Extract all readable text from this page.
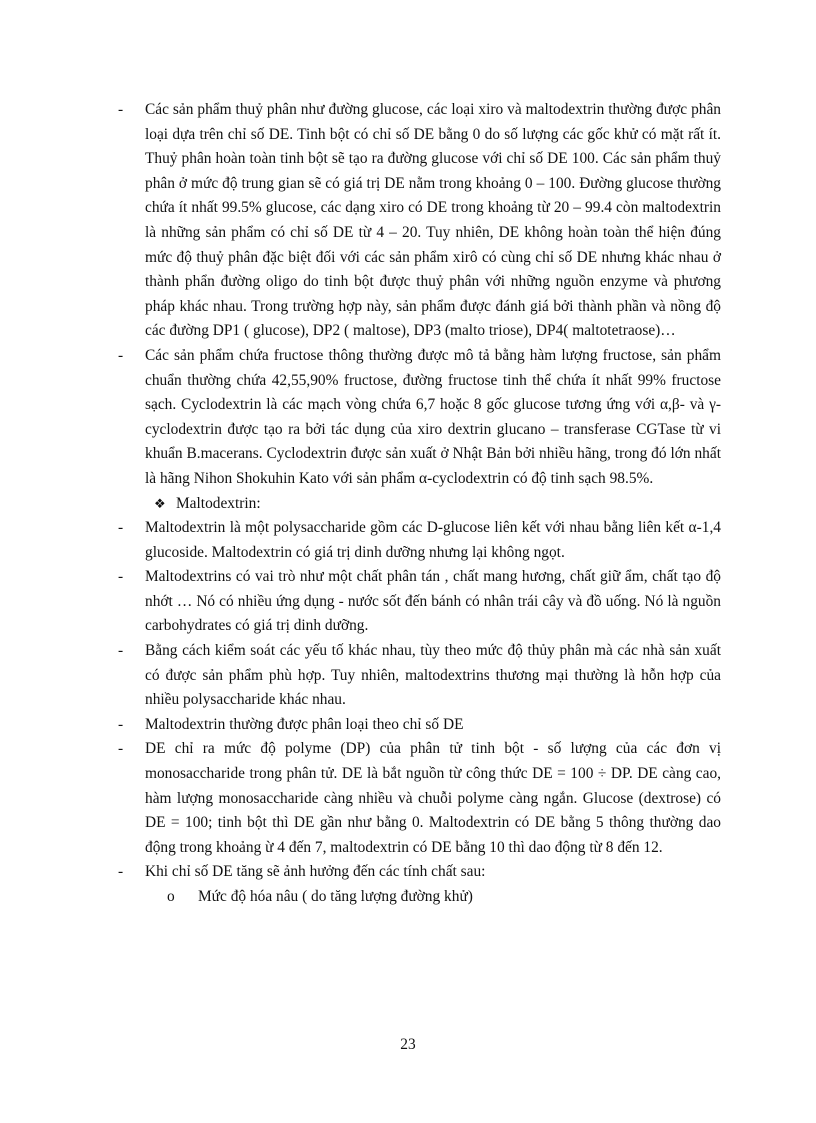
-	Các sản phẩm thuỷ phân như đường glucose, các loại xiro và maltodextrin thường được phân loại dựa trên chỉ số DE. Tinh bột có chỉ số DE bằng 0 do số lượng các gốc khử có mặt rất ít. Thuỷ phân hoàn toàn tinh bột sẽ tạo ra đường glucose với chỉ số DE 100. Các sản phẩm thuỷ phân ở mức độ trung gian sẽ có giá trị DE nằm trong khoảng 0 – 100. Đường glucose thường chứa ít nhất 99.5% glucose, các dạng xiro có DE trong khoảng từ 20 – 99.4 còn maltodextrin là những sản phẩm có chỉ số DE từ 4 – 20. Tuy nhiên, DE không hoàn toàn thể hiện đúng mức độ thuỷ phân đặc biệt đối với các sản phẩm xirô có cùng chỉ số DE nhưng khác nhau ở thành phẩn đường oligo do tinh bột được thuỷ phân với những nguồn enzyme và phương pháp khác nhau. Trong trường hợp này, sản phẩm được đánh giá bởi thành phần và nồng độ các đường DP1 ( glucose), DP2 ( maltose), DP3 (malto triose), DP4( maltotetraose)…

-	Các sản phẩm chứa fructose thông thường được mô tả bằng hàm lượng fructose, sản phẩm chuẩn thường chứa 42,55,90% fructose, đường fructose tinh thể chứa ít nhất 99% fructose sạch. Cyclodextrin là các mạch vòng chứa 6,7 hoặc 8 gốc glucose tương ứng với α,β- và γ- cyclodextrin được tạo ra bởi tác dụng của xiro dextrin glucano – transferase CGTase từ vi khuẩn B.macerans. Cyclodextrin được sản xuất ở Nhật Bản bởi nhiều hãng, trong đó lớn nhất là hãng Nihon Shokuhin Kato với sản phẩm α-cyclodextrin có độ tinh sạch 98.5%.

❖ Maltodextrin:

-	Maltodextrin là một polysaccharide gồm các D-glucose liên kết với nhau bằng liên kết α-1,4 glucoside. Maltodextrin có giá trị dinh dưỡng nhưng lại không ngọt.

-	Maltodextrins có vai trò như một chất phân tán , chất mang hương, chất giữ ẩm, chất tạo độ nhớt … Nó có nhiều ứng dụng - nước sốt đến bánh có nhân trái cây và đồ uống. Nó là nguồn carbohydrates có giá trị dinh dưỡng.

-	Bằng cách kiểm soát các yếu tố khác nhau, tùy theo mức độ thủy phân mà các nhà sản xuất có được sản phẩm phù hợp. Tuy nhiên, maltodextrins thương mại thường là hỗn hợp của nhiều polysaccharide khác nhau.

-	Maltodextrin thường được phân loại theo chỉ số DE

-	DE chỉ ra mức độ polyme (DP) của phân tử tinh bột - số lượng của các đơn vị monosaccharide trong phân tử. DE là bắt nguồn từ công thức DE = 100 ÷ DP. DE càng cao, hàm lượng monosaccharide càng nhiều và chuỗi polyme càng ngắn. Glucose (dextrose) có DE = 100; tinh bột thì DE gần như bằng 0. Maltodextrin có DE bằng 5 thông thường dao động trong khoảng ừ 4 đến 7, maltodextrin có DE bằng 10 thì dao động từ 8 đến 12.

-	Khi chỉ số DE tăng sẽ ảnh hưởng đến các tính chất sau:

o Mức độ hóa nâu ( do tăng lượng đường khử)

23
